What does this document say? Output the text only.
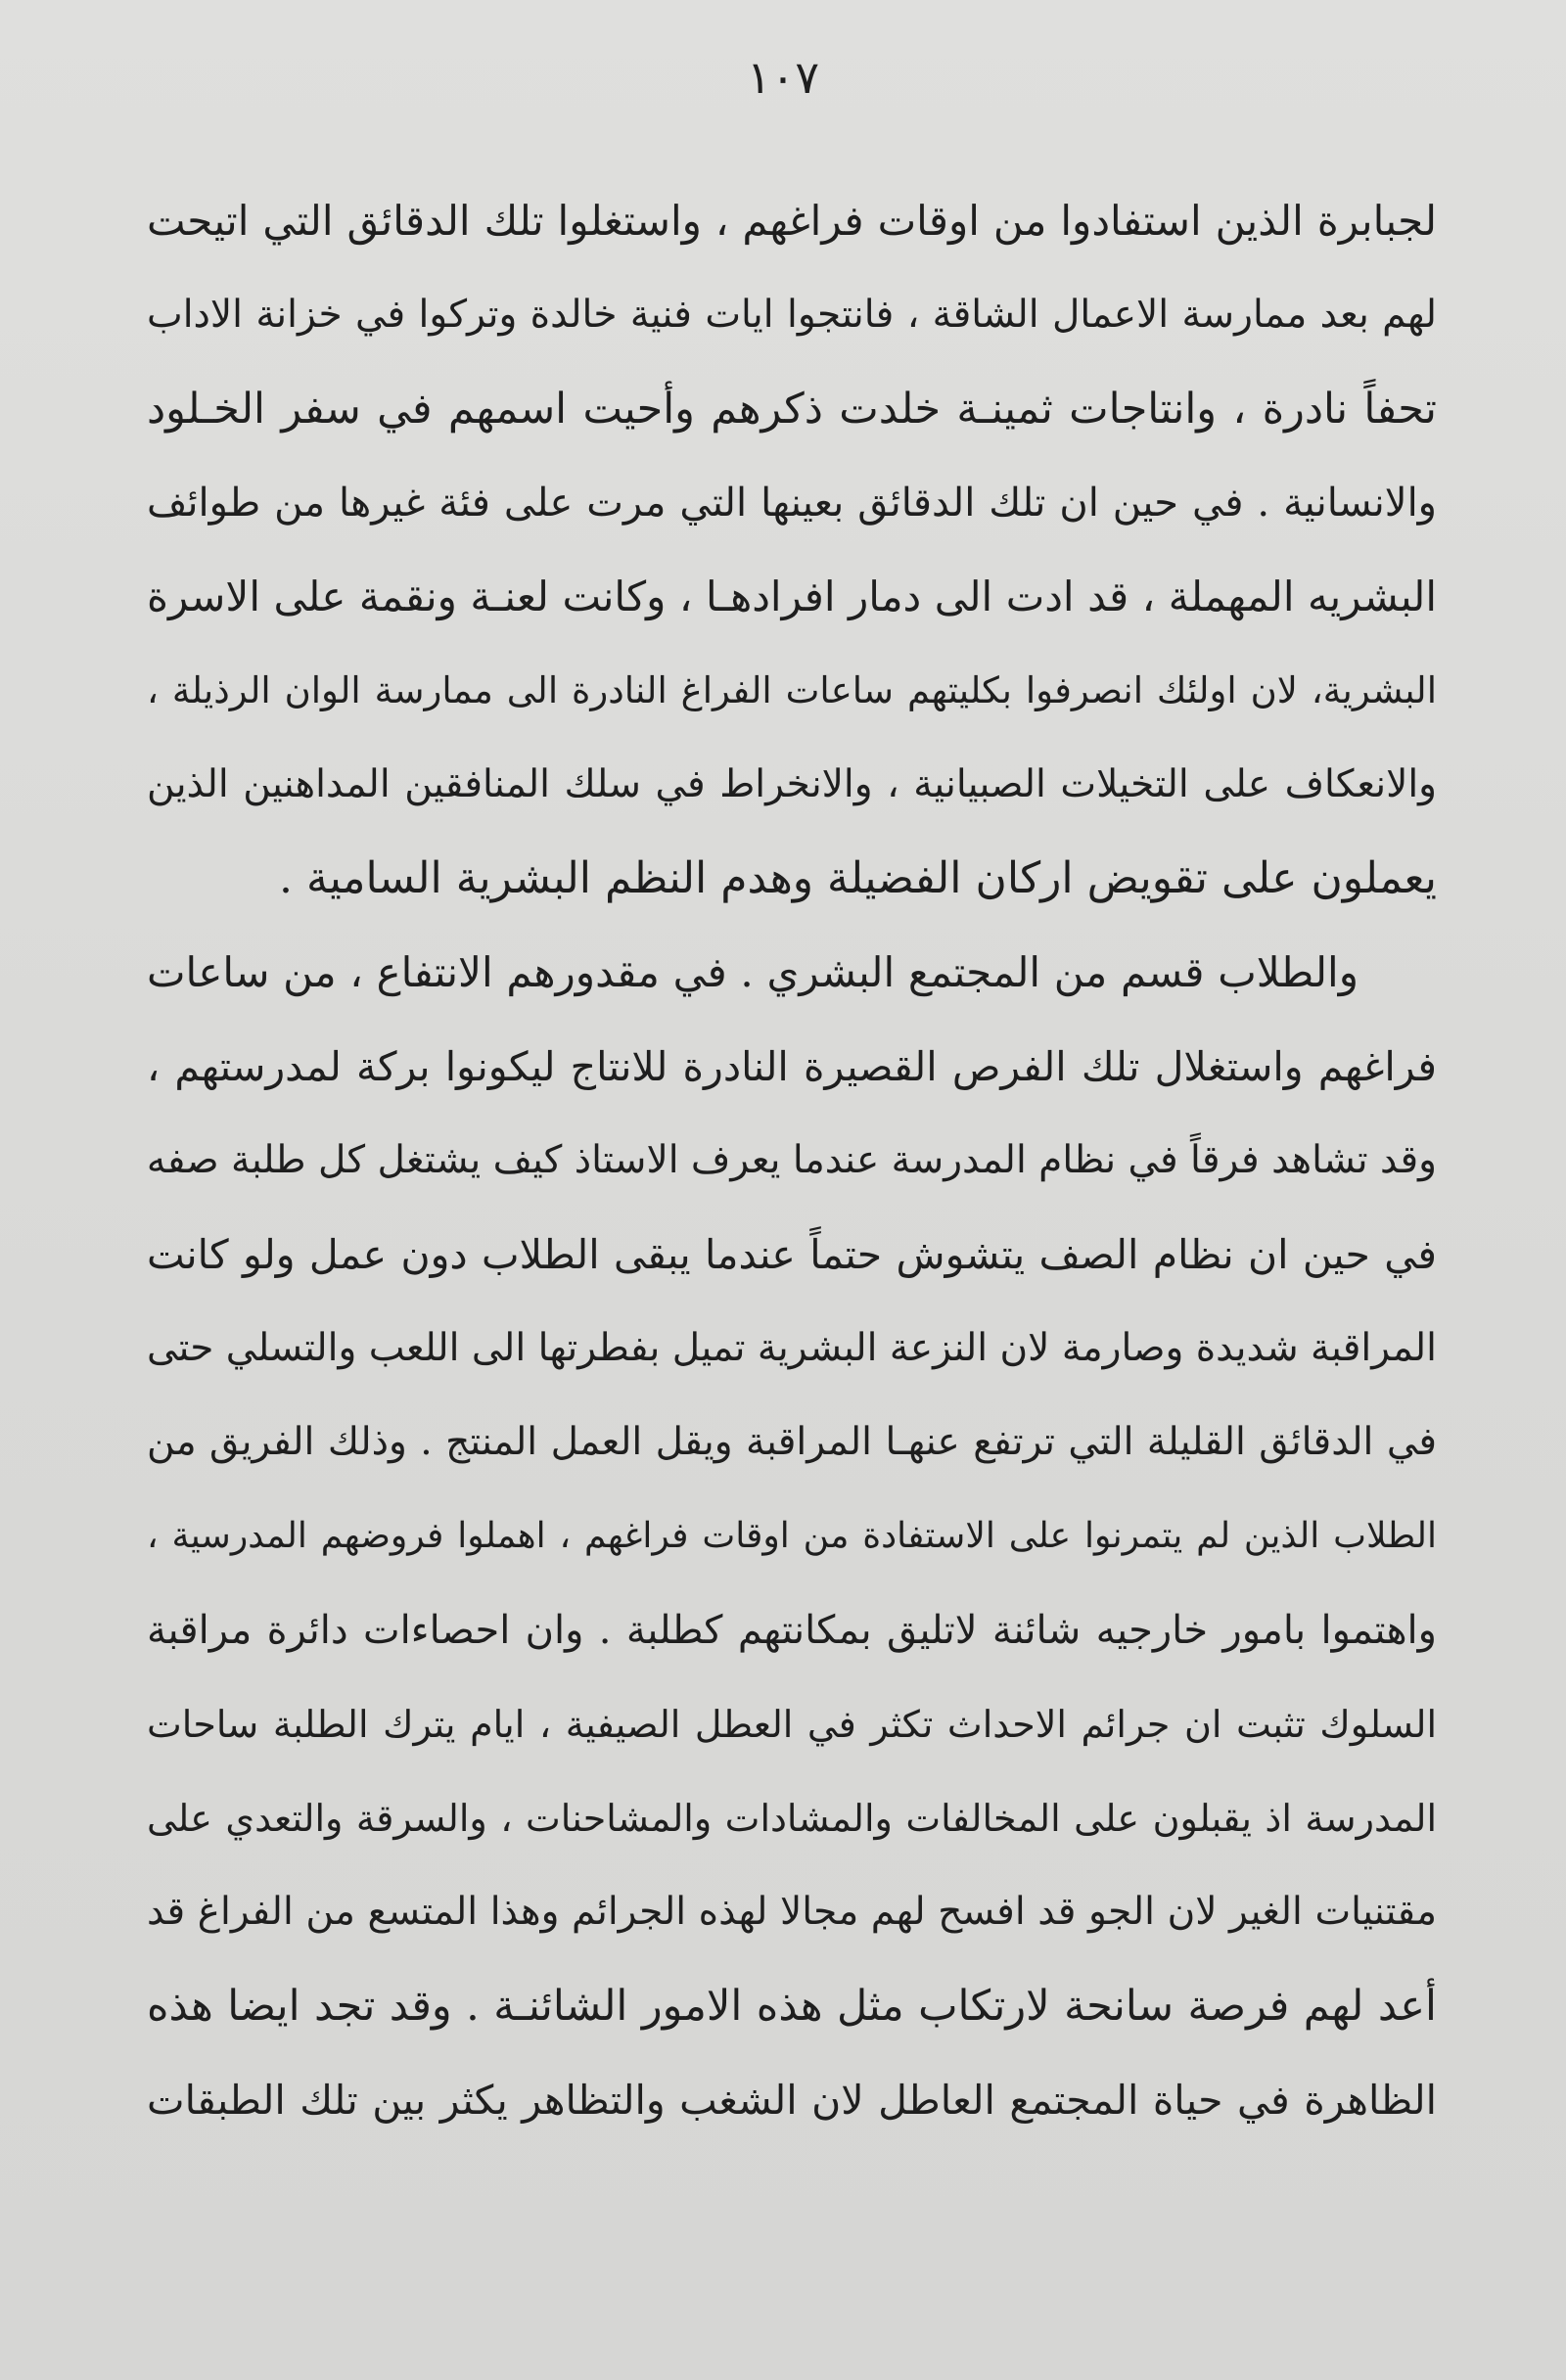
١٠٧
لجبابرة الذين استفادوا من اوقات فراغهم ، واستغلوا تلك الدقائق التي اتيحت
لهم بعد ممارسة الاعمال الشاقة ، فانتجوا ايات فنية خالدة وتركوا في خزانة الاداب
تحفاً نادرة ، وانتاجات ثمينـة خلدت ذكرهم وأحيت اسمهم في سفر الخـلود
والانسانية . في حين ان تلك الدقائق بعينها التي مرت على فئة غيرها من طوائف
البشريه المهملة ، قد ادت الى دمار افرادهـا ، وكانت لعنـة ونقمة على الاسرة
البشرية، لان اولئك انصرفوا بكليتهم ساعات الفراغ النادرة الى ممارسة الوان الرذيلة ،
والانعكاف على التخيلات الصبيانية ، والانخراط في سلك المنافقين المداهنين الذين
يعملون على تقويض اركان الفضيلة وهدم النظم البشرية السامية .
والطلاب قسم من المجتمع البشري . في مقدورهم الانتفاع ، من ساعات
فراغهم واستغلال تلك الفرص القصيرة النادرة للانتاج ليكونوا بركة لمدرستهم ،
وقد تشاهد فرقاً في نظام المدرسة عندما يعرف الاستاذ كيف يشتغل كل طلبة صفه
في حين ان نظام الصف يتشوش حتماً عندما يبقى الطلاب دون عمل ولو كانت
المراقبة شديدة وصارمة لان النزعة البشرية تميل بفطرتها الى اللعب والتسلي حتى
في الدقائق القليلة التي ترتفع عنهـا المراقبة ويقل العمل المنتج . وذلك الفريق من
الطلاب الذين لم يتمرنوا على الاستفادة من اوقات فراغهم ، اهملوا فروضهم المدرسية ،
واهتموا بامور خارجيه شائنة لاتليق بمكانتهم كطلبة . وان احصاءات دائرة مراقبة
السلوك تثبت ان جرائم الاحداث تكثر في العطل الصيفية ، ايام يترك الطلبة ساحات
المدرسة اذ يقبلون على المخالفات والمشادات والمشاحنات ، والسرقة والتعدي على
مقتنيات الغير لان الجو قد افسح لهم مجالا لهذه الجرائم وهذا المتسع من الفراغ قد
أعد لهم فرصة سانحة لارتكاب مثل هذه الامور الشائنـة . وقد تجد ايضا هذه
الظاهرة في حياة المجتمع العاطل لان الشغب والتظاهر يكثر بين تلك الطبقات
